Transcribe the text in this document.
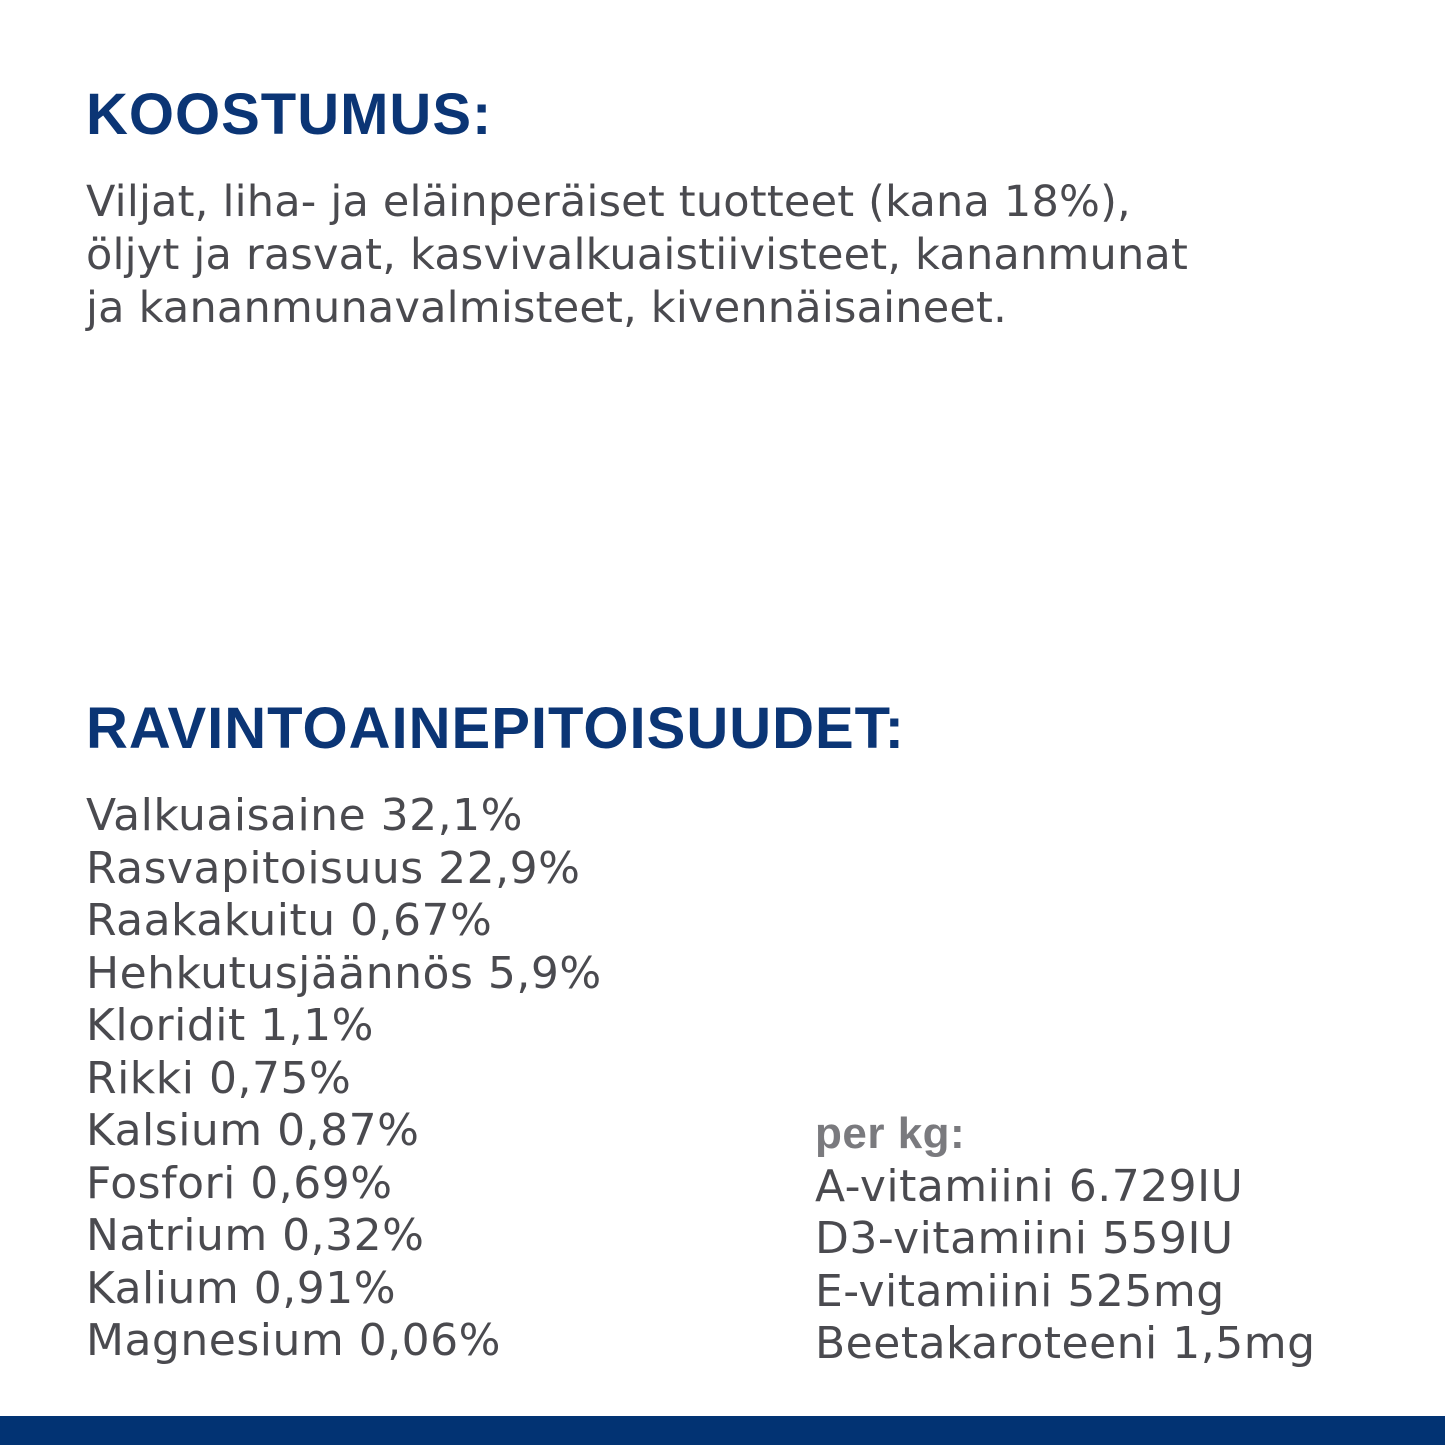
KOOSTUMUS:

Viljat, liha- ja eläinperäiset tuotteet (kana 18%),
öljyt ja rasvat, kasvivalkuaistiivisteet, kananmunat
ja kananmunavalmisteet, kivennäisaineet.

RAVINTOAINEPITOISUUDET:
Valkuaisaine 32,1%
Rasvapitoisuus 22,9%
Raakakuitu 0,67%
Hehkutusjäännös 5,9%
Kloridit 1,1%
Rikki 0,75%
Kalsium 0,87%
Fosfori 0,69%
Natrium 0,32%
Kalium 0,91%
Magnesium 0,06%

per kg:

A-vitamiini 6.729IU
D3-vitamiini 559IU
E-vitamiini 525mg
Beetakaroteeni 1,5mg
